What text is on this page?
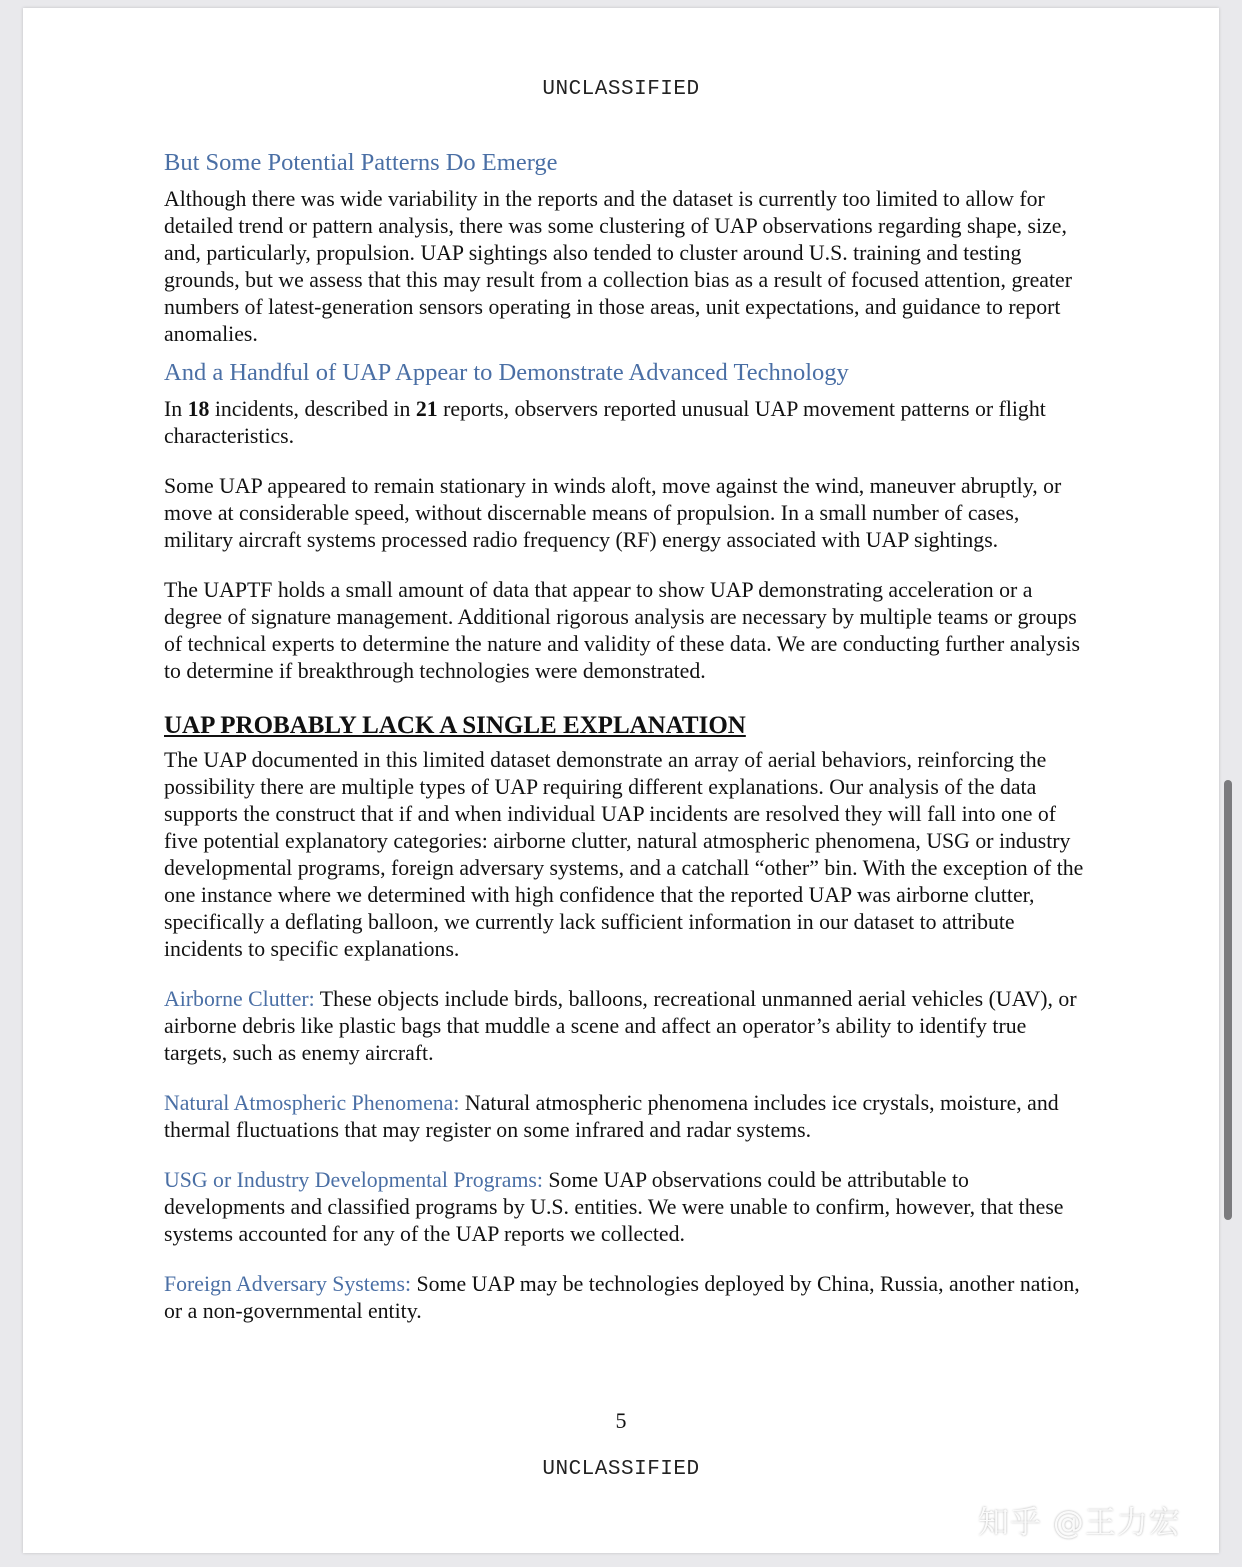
UNCLASSIFIED
But Some Potential Patterns Do Emerge

Although there was wide variability in the reports and the dataset is currently too limited to allow for detailed trend or pattern analysis, there was some clustering of UAP observations regarding shape, size, and, particularly, propulsion. UAP sightings also tended to cluster around U.S. training and testing grounds, but we assess that this may result from a collection bias as a result of focused attention, greater numbers of latest-generation sensors operating in those areas, unit expectations, and guidance to report anomalies.

And a Handful of UAP Appear to Demonstrate Advanced Technology

In 18 incidents, described in 21 reports, observers reported unusual UAP movement patterns or flight characteristics.

Some UAP appeared to remain stationary in winds aloft, move against the wind, maneuver abruptly, or move at considerable speed, without discernable means of propulsion. In a small number of cases, military aircraft systems processed radio frequency (RF) energy associated with UAP sightings.

The UAPTF holds a small amount of data that appear to show UAP demonstrating acceleration or a degree of signature management. Additional rigorous analysis are necessary by multiple teams or groups of technical experts to determine the nature and validity of these data. We are conducting further analysis to determine if breakthrough technologies were demonstrated.

UAP PROBABLY LACK A SINGLE EXPLANATION

The UAP documented in this limited dataset demonstrate an array of aerial behaviors, reinforcing the possibility there are multiple types of UAP requiring different explanations. Our analysis of the data supports the construct that if and when individual UAP incidents are resolved they will fall into one of five potential explanatory categories: airborne clutter, natural atmospheric phenomena, USG or industry developmental programs, foreign adversary systems, and a catchall “other” bin. With the exception of the one instance where we determined with high confidence that the reported UAP was airborne clutter, specifically a deflating balloon, we currently lack sufficient information in our dataset to attribute incidents to specific explanations.

Airborne Clutter: These objects include birds, balloons, recreational unmanned aerial vehicles (UAV), or airborne debris like plastic bags that muddle a scene and affect an operator’s ability to identify true targets, such as enemy aircraft.

Natural Atmospheric Phenomena: Natural atmospheric phenomena includes ice crystals, moisture, and thermal fluctuations that may register on some infrared and radar systems.

USG or Industry Developmental Programs: Some UAP observations could be attributable to developments and classified programs by U.S. entities. We were unable to confirm, however, that these systems accounted for any of the UAP reports we collected.

Foreign Adversary Systems: Some UAP may be technologies deployed by China, Russia, another nation, or a non-governmental entity.

5
UNCLASSIFIED
知乎 @王力宏
